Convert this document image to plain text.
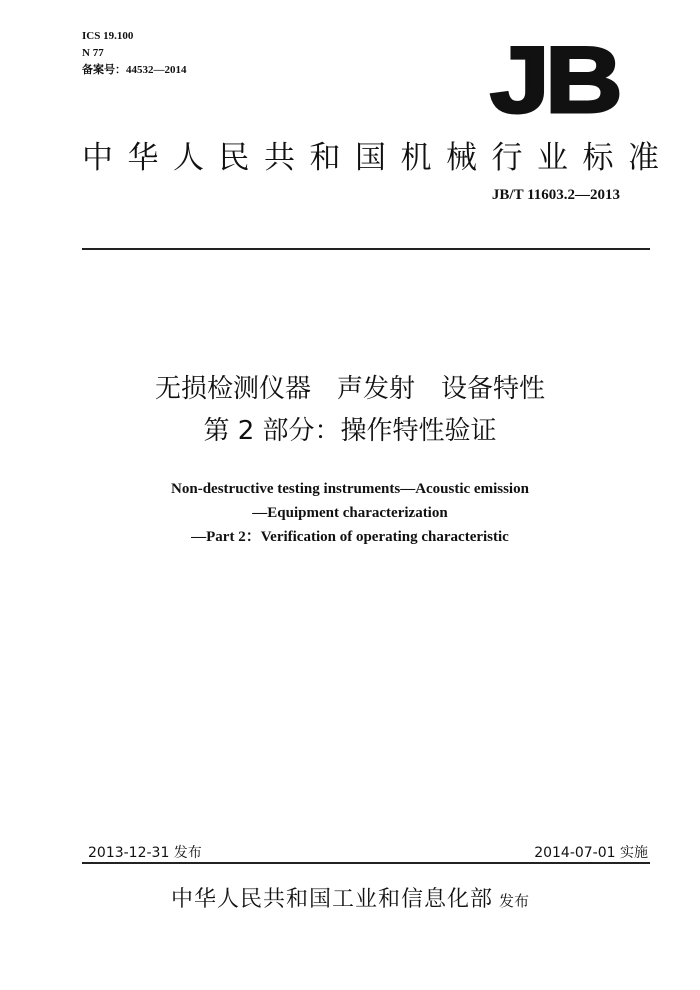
ICS 19.100
N 77
备案号：44532—2014	JB
中华人民共和国机械行业标准
JB/T 11603.2—2013
无损检测仪器　声发射　设备特性
第 2 部分：操作特性验证
Non-destructive testing instruments—Acoustic emission
—Equipment characterization
—Part 2：Verification of operating characteristic
2013-12-31 发布	2014-07-01 实施
中华人民共和国工业和信息化部 发布
